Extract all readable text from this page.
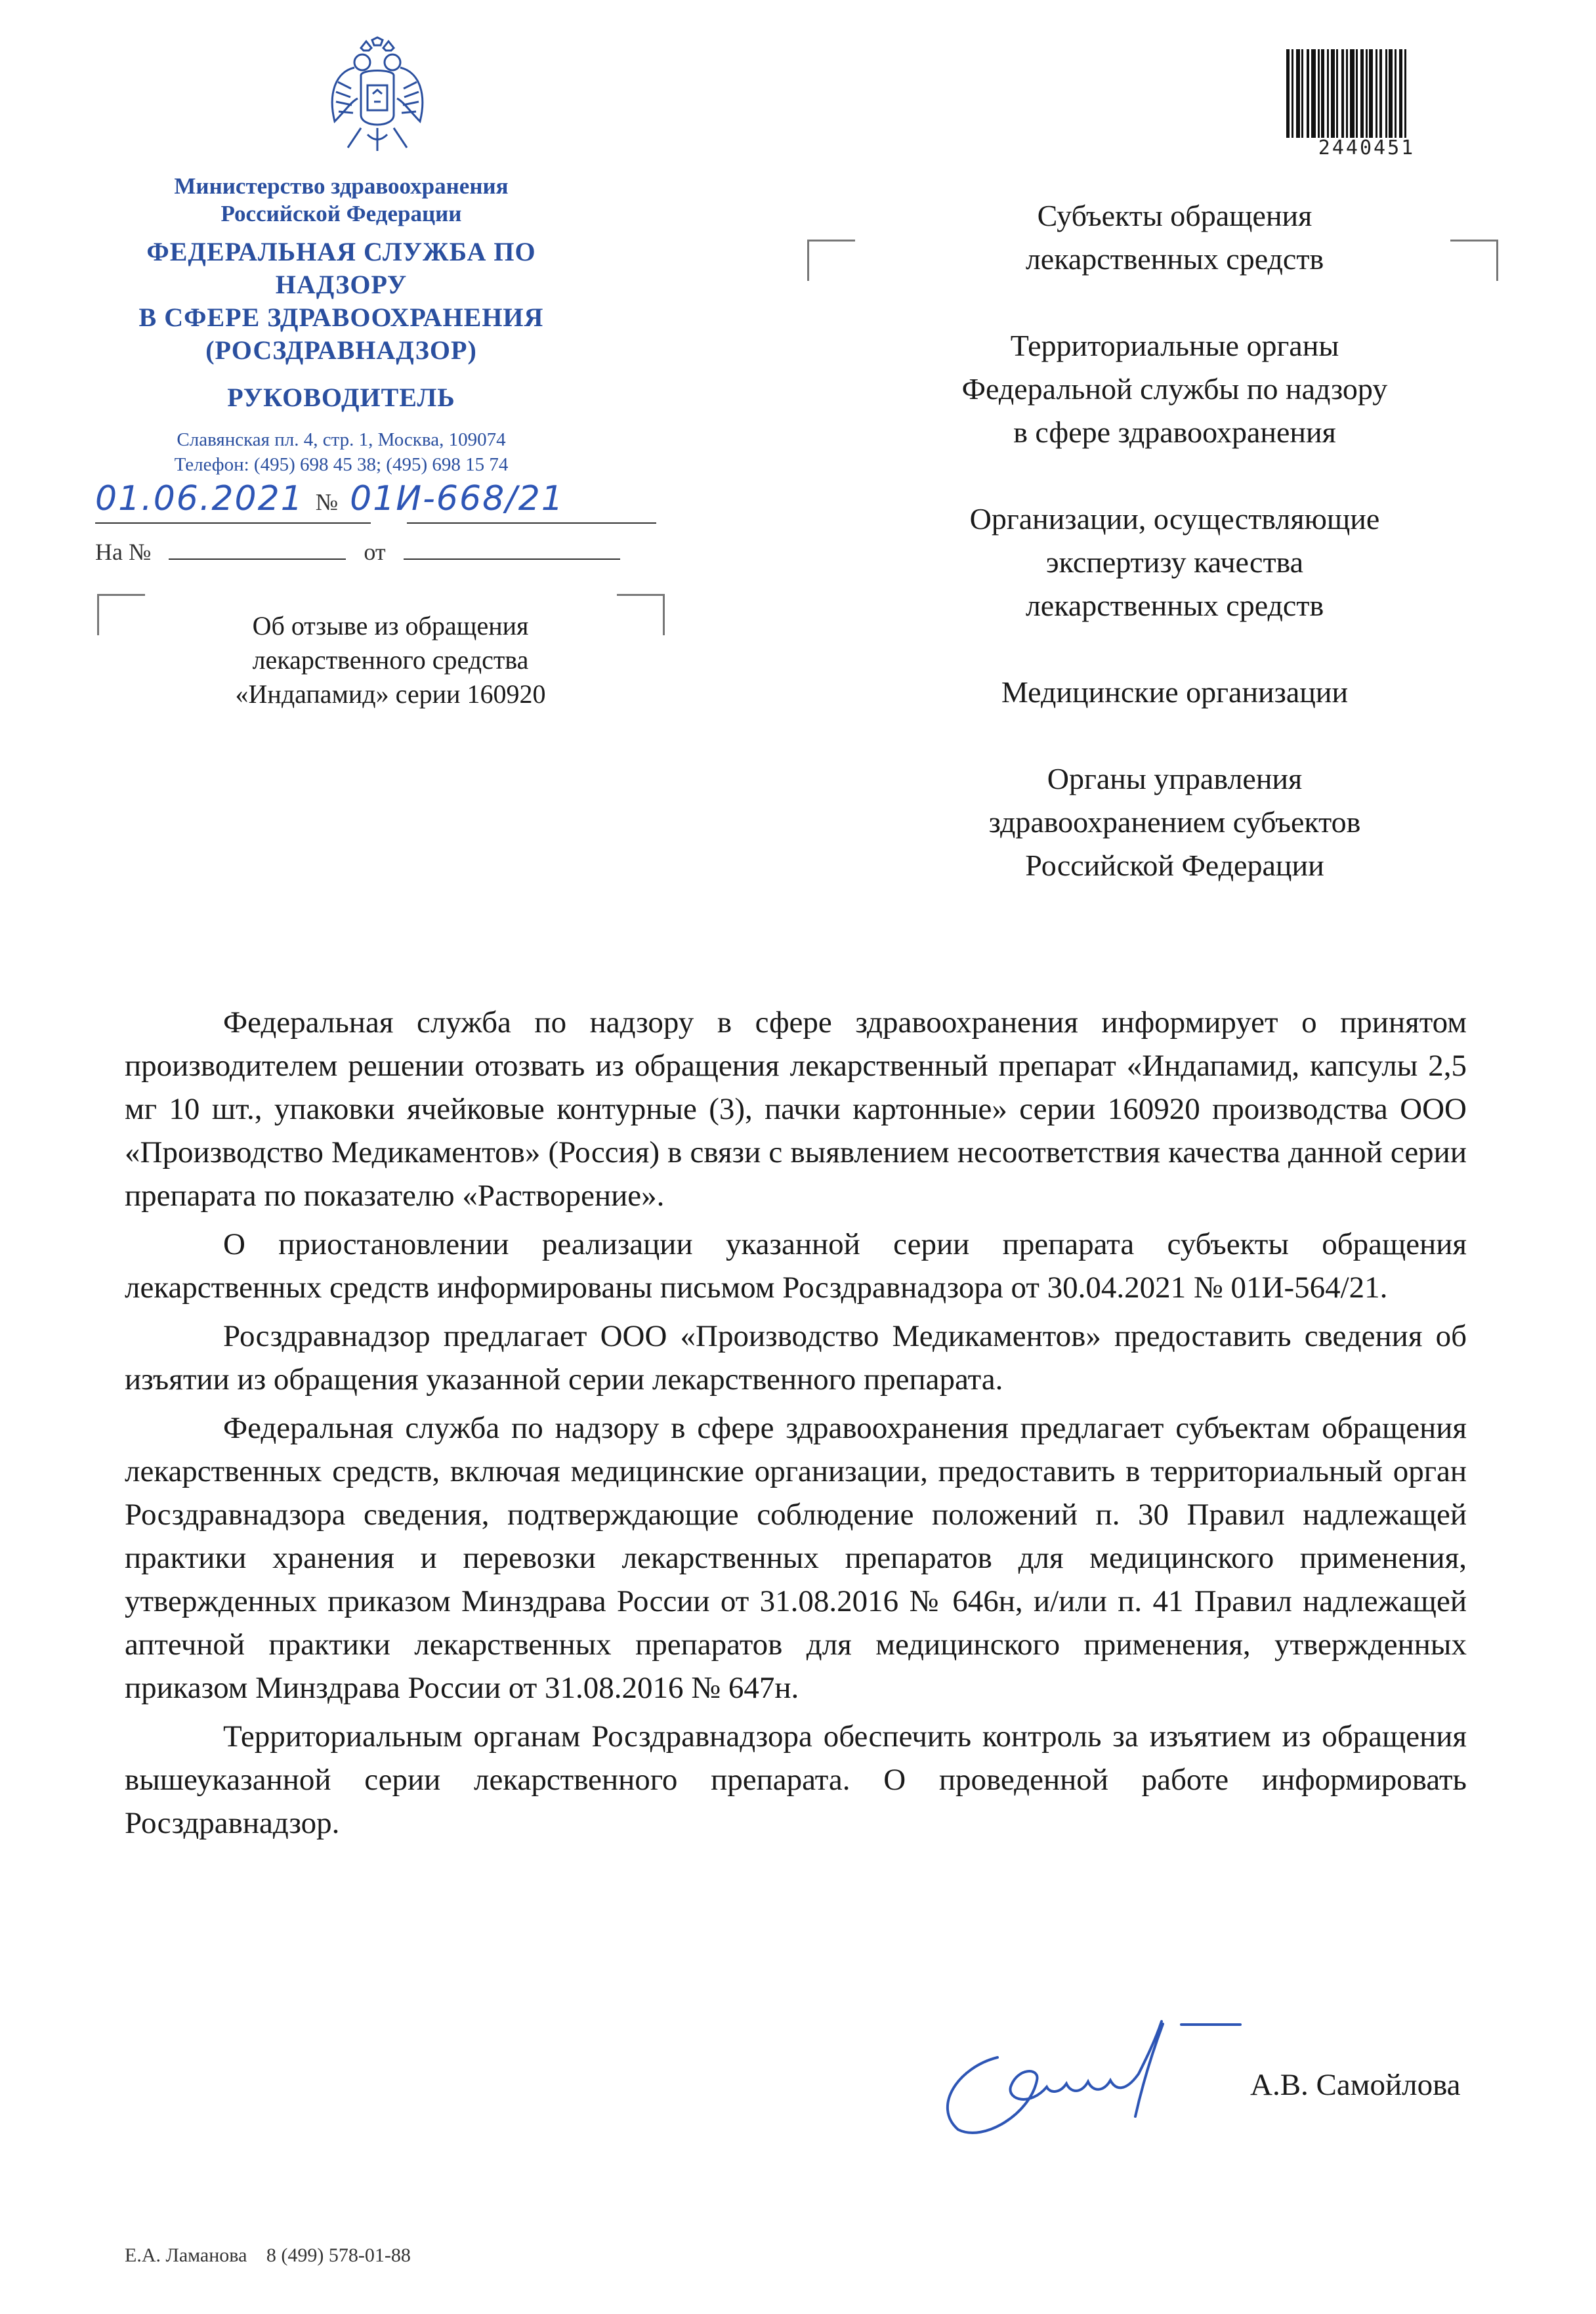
Министерство здравоохранения
Российской Федерации
ФЕДЕРАЛЬНАЯ СЛУЖБА ПО НАДЗОРУ
В СФЕРЕ ЗДРАВООХРАНЕНИЯ
(РОСЗДРАВНАДЗОР)
РУКОВОДИТЕЛЬ
Славянская пл. 4, стр. 1, Москва, 109074
Телефон: (495) 698 45 38; (495) 698 15 74
01.06.2021 № 01И-668/21
На №	от
Об отзыве из обращения
лекарственного средства
«Индапамид» серии 160920
2440451
Субъекты обращения
лекарственных средств
Территориальные органы
Федеральной службы по надзору
в сфере здравоохранения
Организации, осуществляющие
экспертизу качества
лекарственных средств
Медицинские организации
Органы управления
здравоохранением субъектов
Российской Федерации

Федеральная служба по надзору в сфере здравоохранения информирует о принятом производителем решении отозвать из обращения лекарственный препарат «Индапамид, капсулы 2,5 мг 10 шт., упаковки ячейковые контурные (3), пачки картонные» серии 160920 производства ООО «Производство Медикаментов» (Россия) в связи с выявлением несоответствия качества данной серии препарата по показателю «Растворение».

О приостановлении реализации указанной серии препарата субъекты обращения лекарственных средств информированы письмом Росздравнадзора от 30.04.2021 № 01И-564/21.

Росздравнадзор предлагает ООО «Производство Медикаментов» предоставить сведения об изъятии из обращения указанной серии лекарственного препарата.

Федеральная служба по надзору в сфере здравоохранения предлагает субъектам обращения лекарственных средств, включая медицинские организации, предоставить в территориальный орган Росздравнадзора сведения, подтверждающие соблюдение положений п. 30 Правил надлежащей практики хранения и перевозки лекарственных препаратов для медицинского применения, утвержденных приказом Минздрава России от 31.08.2016 № 646н, и/или п. 41 Правил надлежащей аптечной практики лекарственных препаратов для медицинского применения, утвержденных приказом Минздрава России от 31.08.2016 № 647н.

Территориальным органам Росздравнадзора обеспечить контроль за изъятием из обращения вышеуказанной серии лекарственного препарата. О проведенной работе информировать Росздравнадзор.

А.В. Самойлова
Е.А. Ламанова 8 (499) 578-01-88
